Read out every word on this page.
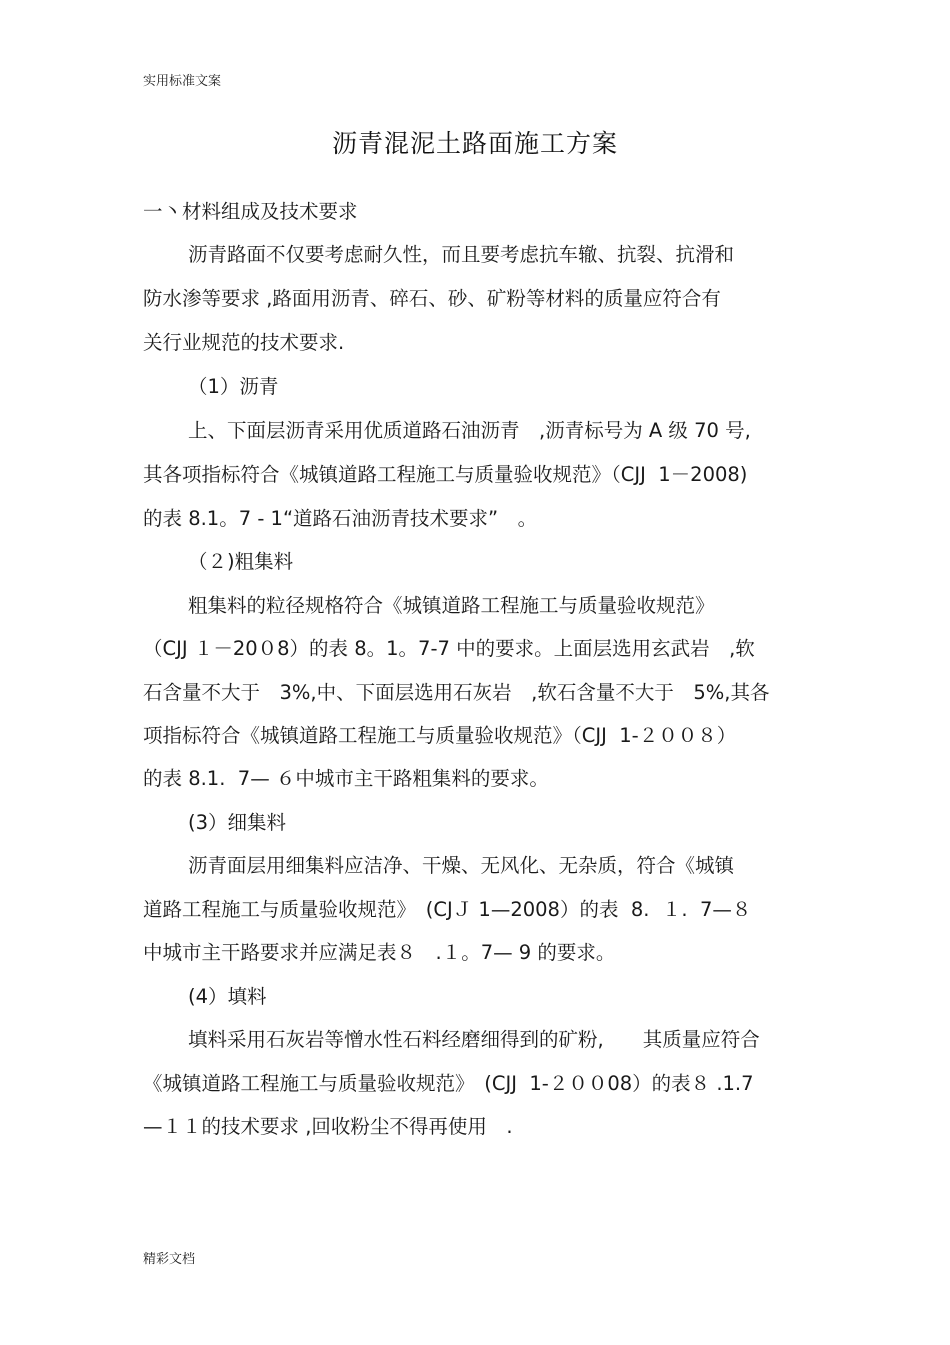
实用标准文案
沥青混泥土路面施工方案
一丶材料组成及技术要求
沥青路面不仅要考虑耐久性，而且要考虑抗车辙、抗裂、抗滑和
防水渗等要求 ,路面用沥青、碎石、砂、矿粉等材料的质量应符合有
关行业规范的技术要求.
（1）沥青
上、下面层沥青采用优质道路石油沥青　,沥青标号为 A 级 70 号,
其各项指标符合《城镇道路工程施工与质量验收规范》（CJJ  1－2008)
的表 8.1。7 - 1“道路石油沥青技术要求”　。
（２)粗集料
粗集料的粒径规格符合《城镇道路工程施工与质量验收规范》
（CJJ １－20０8）的表 8。1。7-7 中的要求。上面层选用玄武岩　,软
石含量不大于　3%,中、下面层选用石灰岩　,软石含量不大于　5%,其各
项指标符合《城镇道路工程施工与质量验收规范》（CJJ  1-２００８）
的表 8.1.  7— ６中城市主干路粗集料的要求。
(3）细集料
沥青面层用细集料应洁净、干燥、无风化、无杂质，符合《城镇
道路工程施工与质量验收规范》　(CJＪ 1—2008）的表  8.  １.  7—８
中城市主干路要求并应满足表８　.１。7— 9 的要求。
(4）填料
填料采用石灰岩等憎水性石料经磨细得到的矿粉,　　其质量应符合
《城镇道路工程施工与质量验收规范》　(CJJ  1-２００08）的表８ .1.7
—１１的技术要求 ,回收粉尘不得再使用　.
精彩文档
